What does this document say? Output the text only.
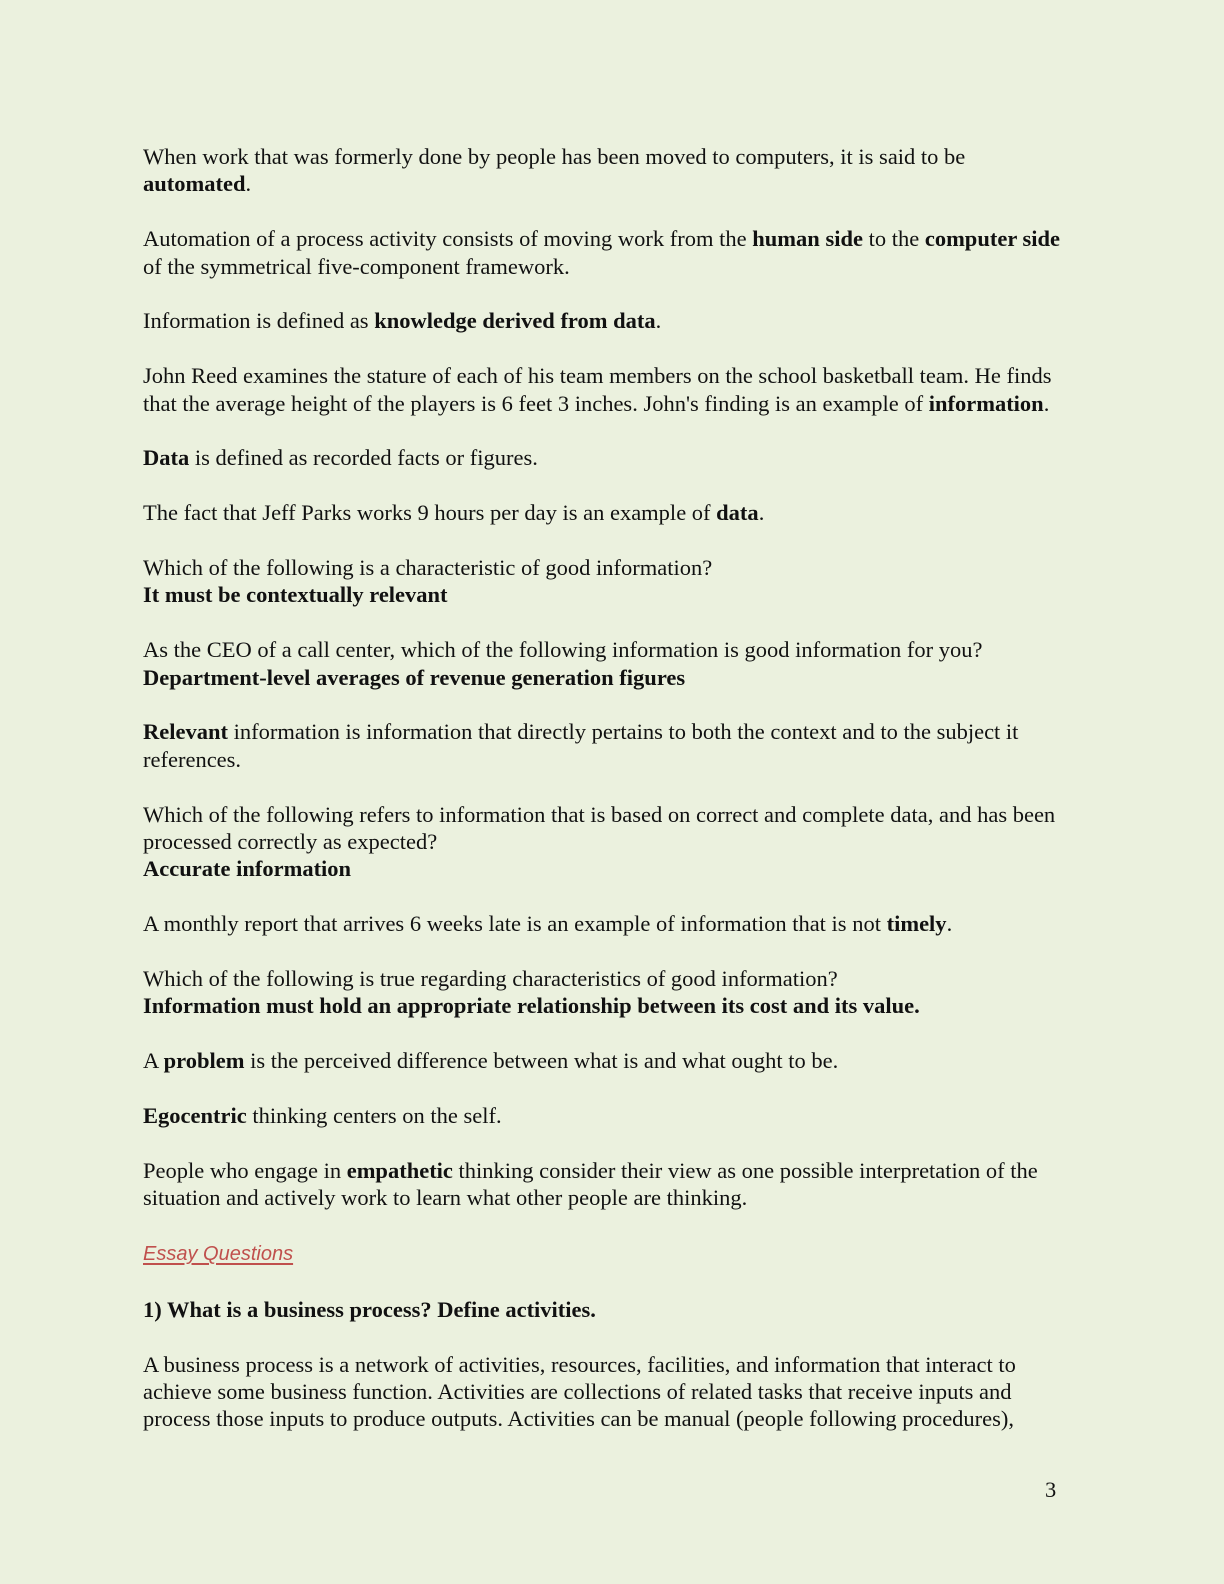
When work that was formerly done by people has been moved to computers, it is said to be automated.

Automation of a process activity consists of moving work from the human side to the computer side of the symmetrical five-component framework.

Information is defined as knowledge derived from data.

John Reed examines the stature of each of his team members on the school basketball team. He finds that the average height of the players is 6 feet 3 inches. John's finding is an example of information.

Data is defined as recorded facts or figures.

The fact that Jeff Parks works 9 hours per day is an example of data.

Which of the following is a characteristic of good information?
It must be contextually relevant

As the CEO of a call center, which of the following information is good information for you?
Department-level averages of revenue generation figures

Relevant information is information that directly pertains to both the context and to the subject it references.

Which of the following refers to information that is based on correct and complete data, and has been processed correctly as expected?
Accurate information

A monthly report that arrives 6 weeks late is an example of information that is not timely.

Which of the following is true regarding characteristics of good information?
Information must hold an appropriate relationship between its cost and its value.

A problem is the perceived difference between what is and what ought to be.

Egocentric thinking centers on the self.

People who engage in empathetic thinking consider their view as one possible interpretation of the situation and actively work to learn what other people are thinking.

Essay Questions

1) What is a business process? Define activities.

A business process is a network of activities, resources, facilities, and information that interact to achieve some business function. Activities are collections of related tasks that receive inputs and process those inputs to produce outputs. Activities can be manual (people following procedures),

3
